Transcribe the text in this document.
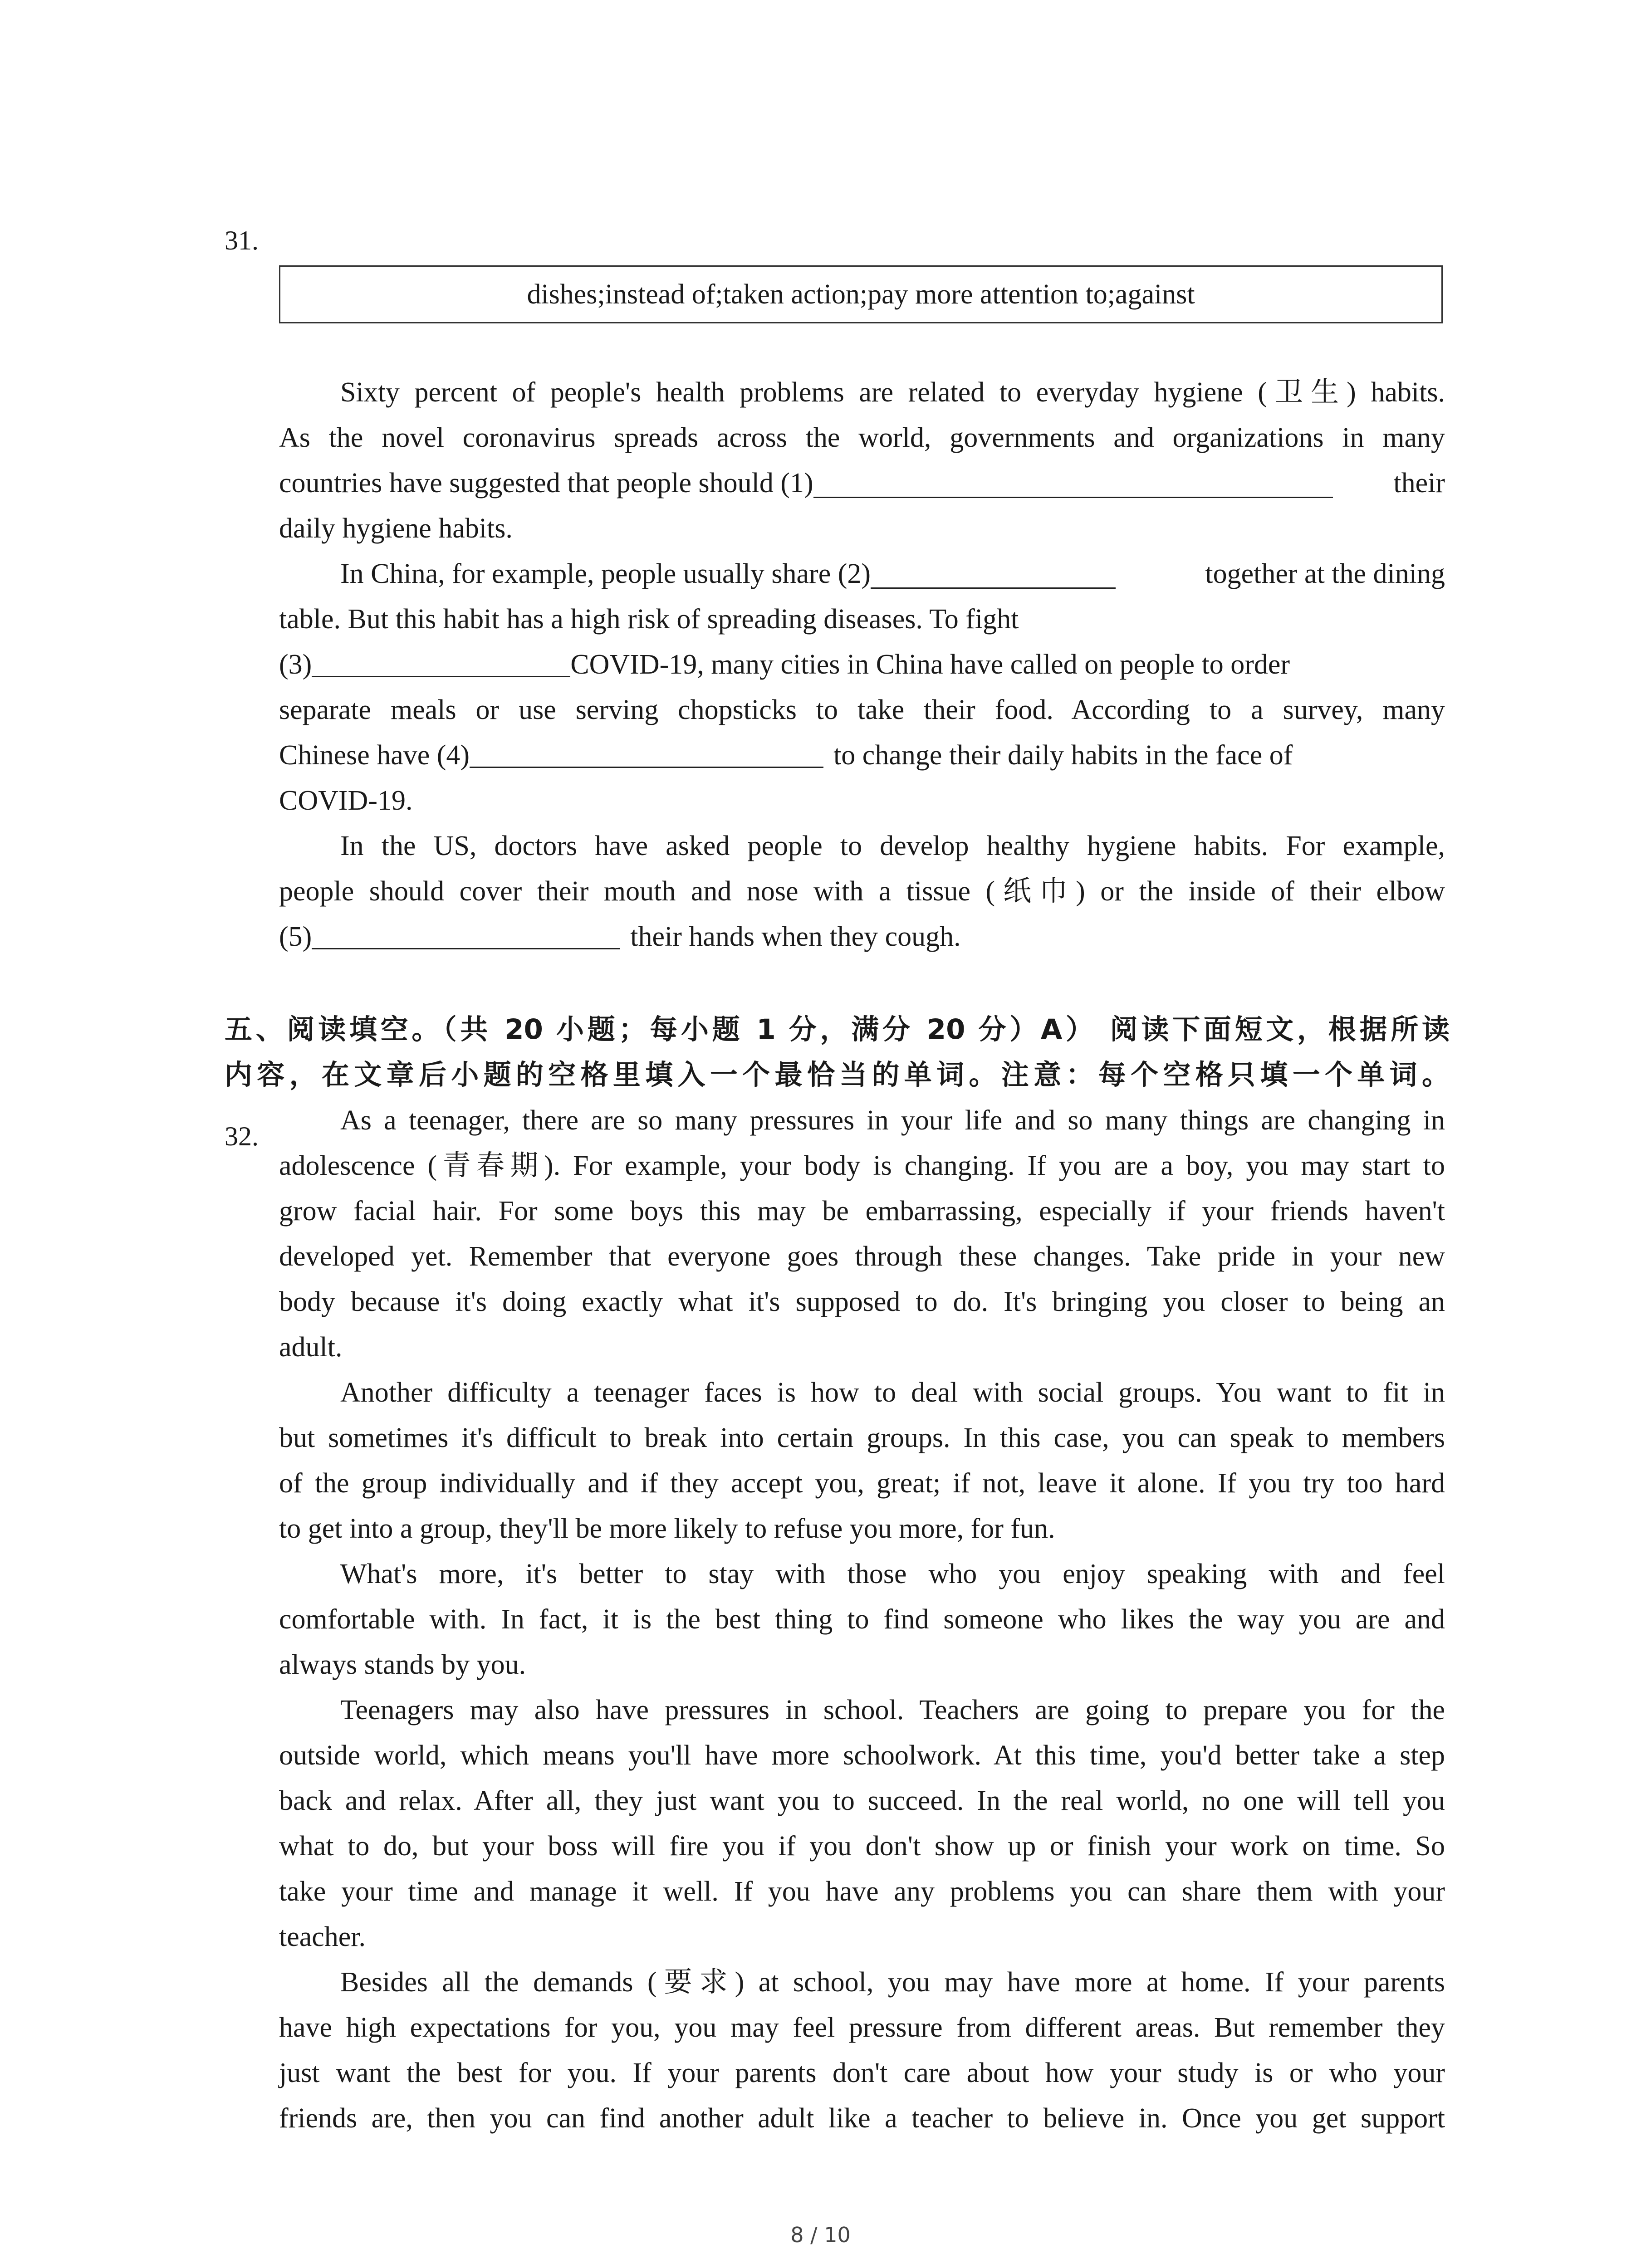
31.
dishes;instead of;taken action;pay more attention to;against
Sixty percent of people's health problems are related to everyday hygiene (卫生) habits.
As the novel coronavirus spreads across the world, governments and organizations in many
countries have suggested that people should (1)	their
daily hygiene habits.
In China, for example, people usually share (2)	together at the dining
table. But this habit has a high risk of spreading diseases. To fight
(3)	COVID-19, many cities in China have called on people to order
separate meals or use serving chopsticks to take their food. According to a survey, many
Chinese have (4)	to change their daily habits in the face of
COVID-19.
In the US, doctors have asked people to develop healthy hygiene habits. For example,
people should cover their mouth and nose with a tissue (纸巾) or the inside of their elbow
(5)	their hands when they cough.
五、阅读填空。（共 20 小题；每小题 1 分，满分 20 分）A） 阅读下面短文，根据所读
内容，在文章后小题的空格里填入一个最恰当的单词。注意：每个空格只填一个单词。
32.
As a teenager, there are so many pressures in your life and so many things are changing in
adolescence (青春期). For example, your body is changing. If you are a boy, you may start to
grow facial hair. For some boys this may be embarrassing, especially if your friends haven't
developed yet. Remember that everyone goes through these changes. Take pride in your new
body because it's doing exactly what it's supposed to do. It's bringing you closer to being an
adult.
Another difficulty a teenager faces is how to deal with social groups. You want to fit in
but sometimes it's difficult to break into certain groups. In this case, you can speak to members
of the group individually and if they accept you, great; if not, leave it alone. If you try too hard
to get into a group, they'll be more likely to refuse you more, for fun.
What's more, it's better to stay with those who you enjoy speaking with and feel
comfortable with. In fact, it is the best thing to find someone who likes the way you are and
always stands by you.
Teenagers may also have pressures in school. Teachers are going to prepare you for the
outside world, which means you'll have more schoolwork. At this time, you'd better take a step
back and relax. After all, they just want you to succeed. In the real world, no one will tell you
what to do, but your boss will fire you if you don't show up or finish your work on time. So
take your time and manage it well. If you have any problems you can share them with your
teacher.
Besides all the demands (要求) at school, you may have more at home. If your parents
have high expectations for you, you may feel pressure from different areas. But remember they
just want the best for you. If your parents don't care about how your study is or who your
friends are, then you can find another adult like a teacher to believe in. Once you get support
8 / 10
